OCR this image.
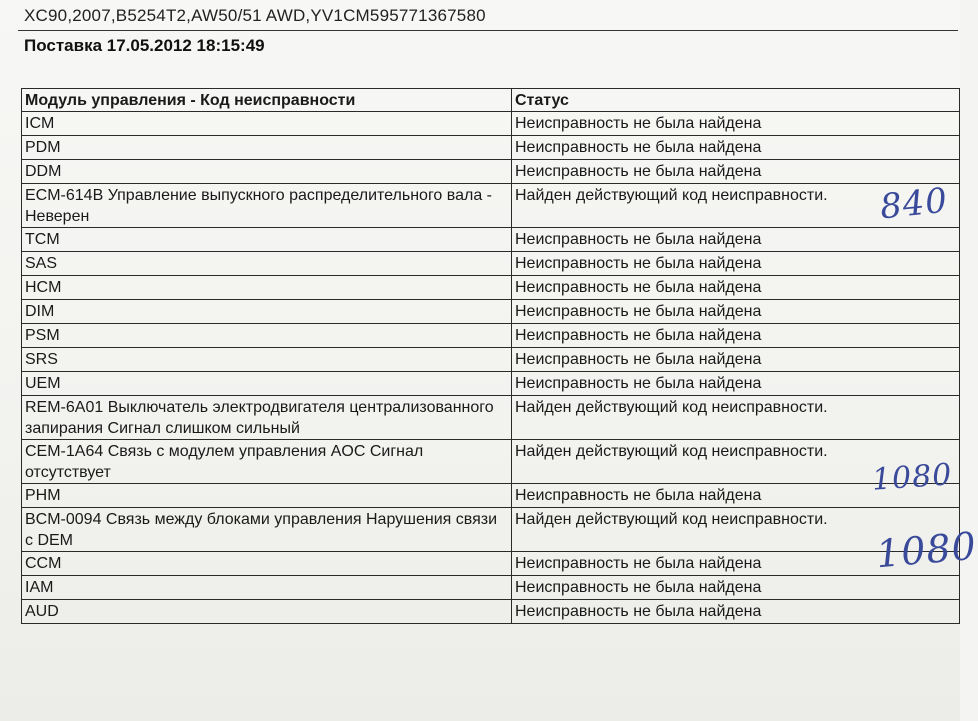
XC90,2007,B5254T2,AW50/51 AWD,YV1CM595771367580
Поставка 17.05.2012 18:15:49
Модуль управления - Код неисправности	Статус
ICM	Неисправность не была найдена
PDM	Неисправность не была найдена
DDM	Неисправность не была найдена
ECM-614B Управление выпускного распределительного вала - Неверен	Найден действующий код неисправности.
TCM	Неисправность не была найдена
SAS	Неисправность не была найдена
HCM	Неисправность не была найдена
DIM	Неисправность не была найдена
PSM	Неисправность не была найдена
SRS	Неисправность не была найдена
UEM	Неисправность не была найдена
REM-6A01 Выключатель электродвигателя централизованного запирания Сигнал слишком сильный	Найден действующий код неисправности.
CEM-1A64 Связь с модулем управления AOC Сигнал отсутствует	Найден действующий код неисправности.
PHM	Неисправность не была найдена
BCM-0094 Связь между блоками управления Нарушения связи с DEM	Найден действующий код неисправности.
CCM	Неисправность не была найдена
IAM	Неисправность не была найдена
AUD	Неисправность не была найдена
840
1080
1080
